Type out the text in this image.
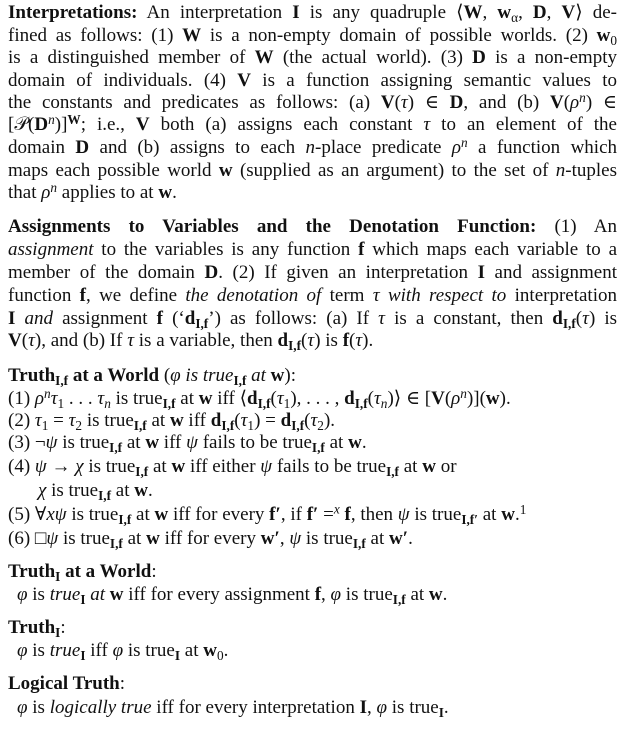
Interpretations: An interpretation I is any quadruple ⟨W, $w_\alpha$, D, V⟩ de-
fined as follows: (1) W is a non-empty domain of possible worlds. (2) $w_0$
is a distinguished member of W (the actual world). (3) D is a non-empty
domain of individuals. (4) V is a function assigning semantic values to
the constants and predicates as follows: (a) V(τ) ∈ D, and (b) $V(\rho^n)$ ∈
$[𝒫(D^n)]^W$; i.e., V both (a) assigns each constant τ to an element of the
domain D and (b) assigns to each n-place predicate $\rho^n$ a function which
maps each possible world w (supplied as an argument) to the set of n-tuples
that $\rho^n$ applies to at w.
Assignments to Variables and the Denotation Function: (1) An
assignment to the variables is any function f which maps each variable to a
member of the domain D. (2) If given an interpretation I and assignment
function f, we define the denotation of term τ with respect to interpretation
I and assignment f $(‘d_{I,f}’)$ as follows: (a) If τ is a constant, then $d_{I,f}(\tau)$ is
V(τ), and (b) If τ is a variable, then $d_{I,f}(\tau)$ is f(τ).
Truth$_{I,f}$ at a World (φ is true$_{I,f}$ at w):
(1) $\rho^n\tau_1$ . . . $\tau_n$ is true$_{I,f}$ at w iff $⟨d_{I,f}(\tau_1)$, . . . , $d_{I,f}(\tau_n)⟩$ ∈ $[V(\rho^n)](w)$.
(2) $\tau_1 = \tau_2$ is true$_{I,f}$ at w iff $d_{I,f}(\tau_1) = d_{I,f}(\tau_2)$.
(3) ¬ψ is true$_{I,f}$ at w iff ψ fails to be true$_{I,f}$ at w.
(4) ψ → χ is true$_{I,f}$ at w iff either ψ fails to be true$_{I,f}$ at w or
χ is true$_{I,f}$ at w.
(5) ∀xψ is true$_{I,f}$ at w iff for every f′, if f′ =$^x$ f, then ψ is true$_{I,f'}$ at w.$^1$
(6) □ψ is true$_{I,f}$ at w iff for every w′, ψ is true$_{I,f}$ at w′.
Truth$_I$ at a World:
φ is true$_I$ at w iff for every assignment f, φ is true$_{I,f}$ at w.
Truth$_I$:
φ is true$_I$ iff φ is true$_I$ at $w_0$.
Logical Truth:
φ is logically true iff for every interpretation I, φ is true$_I$.
